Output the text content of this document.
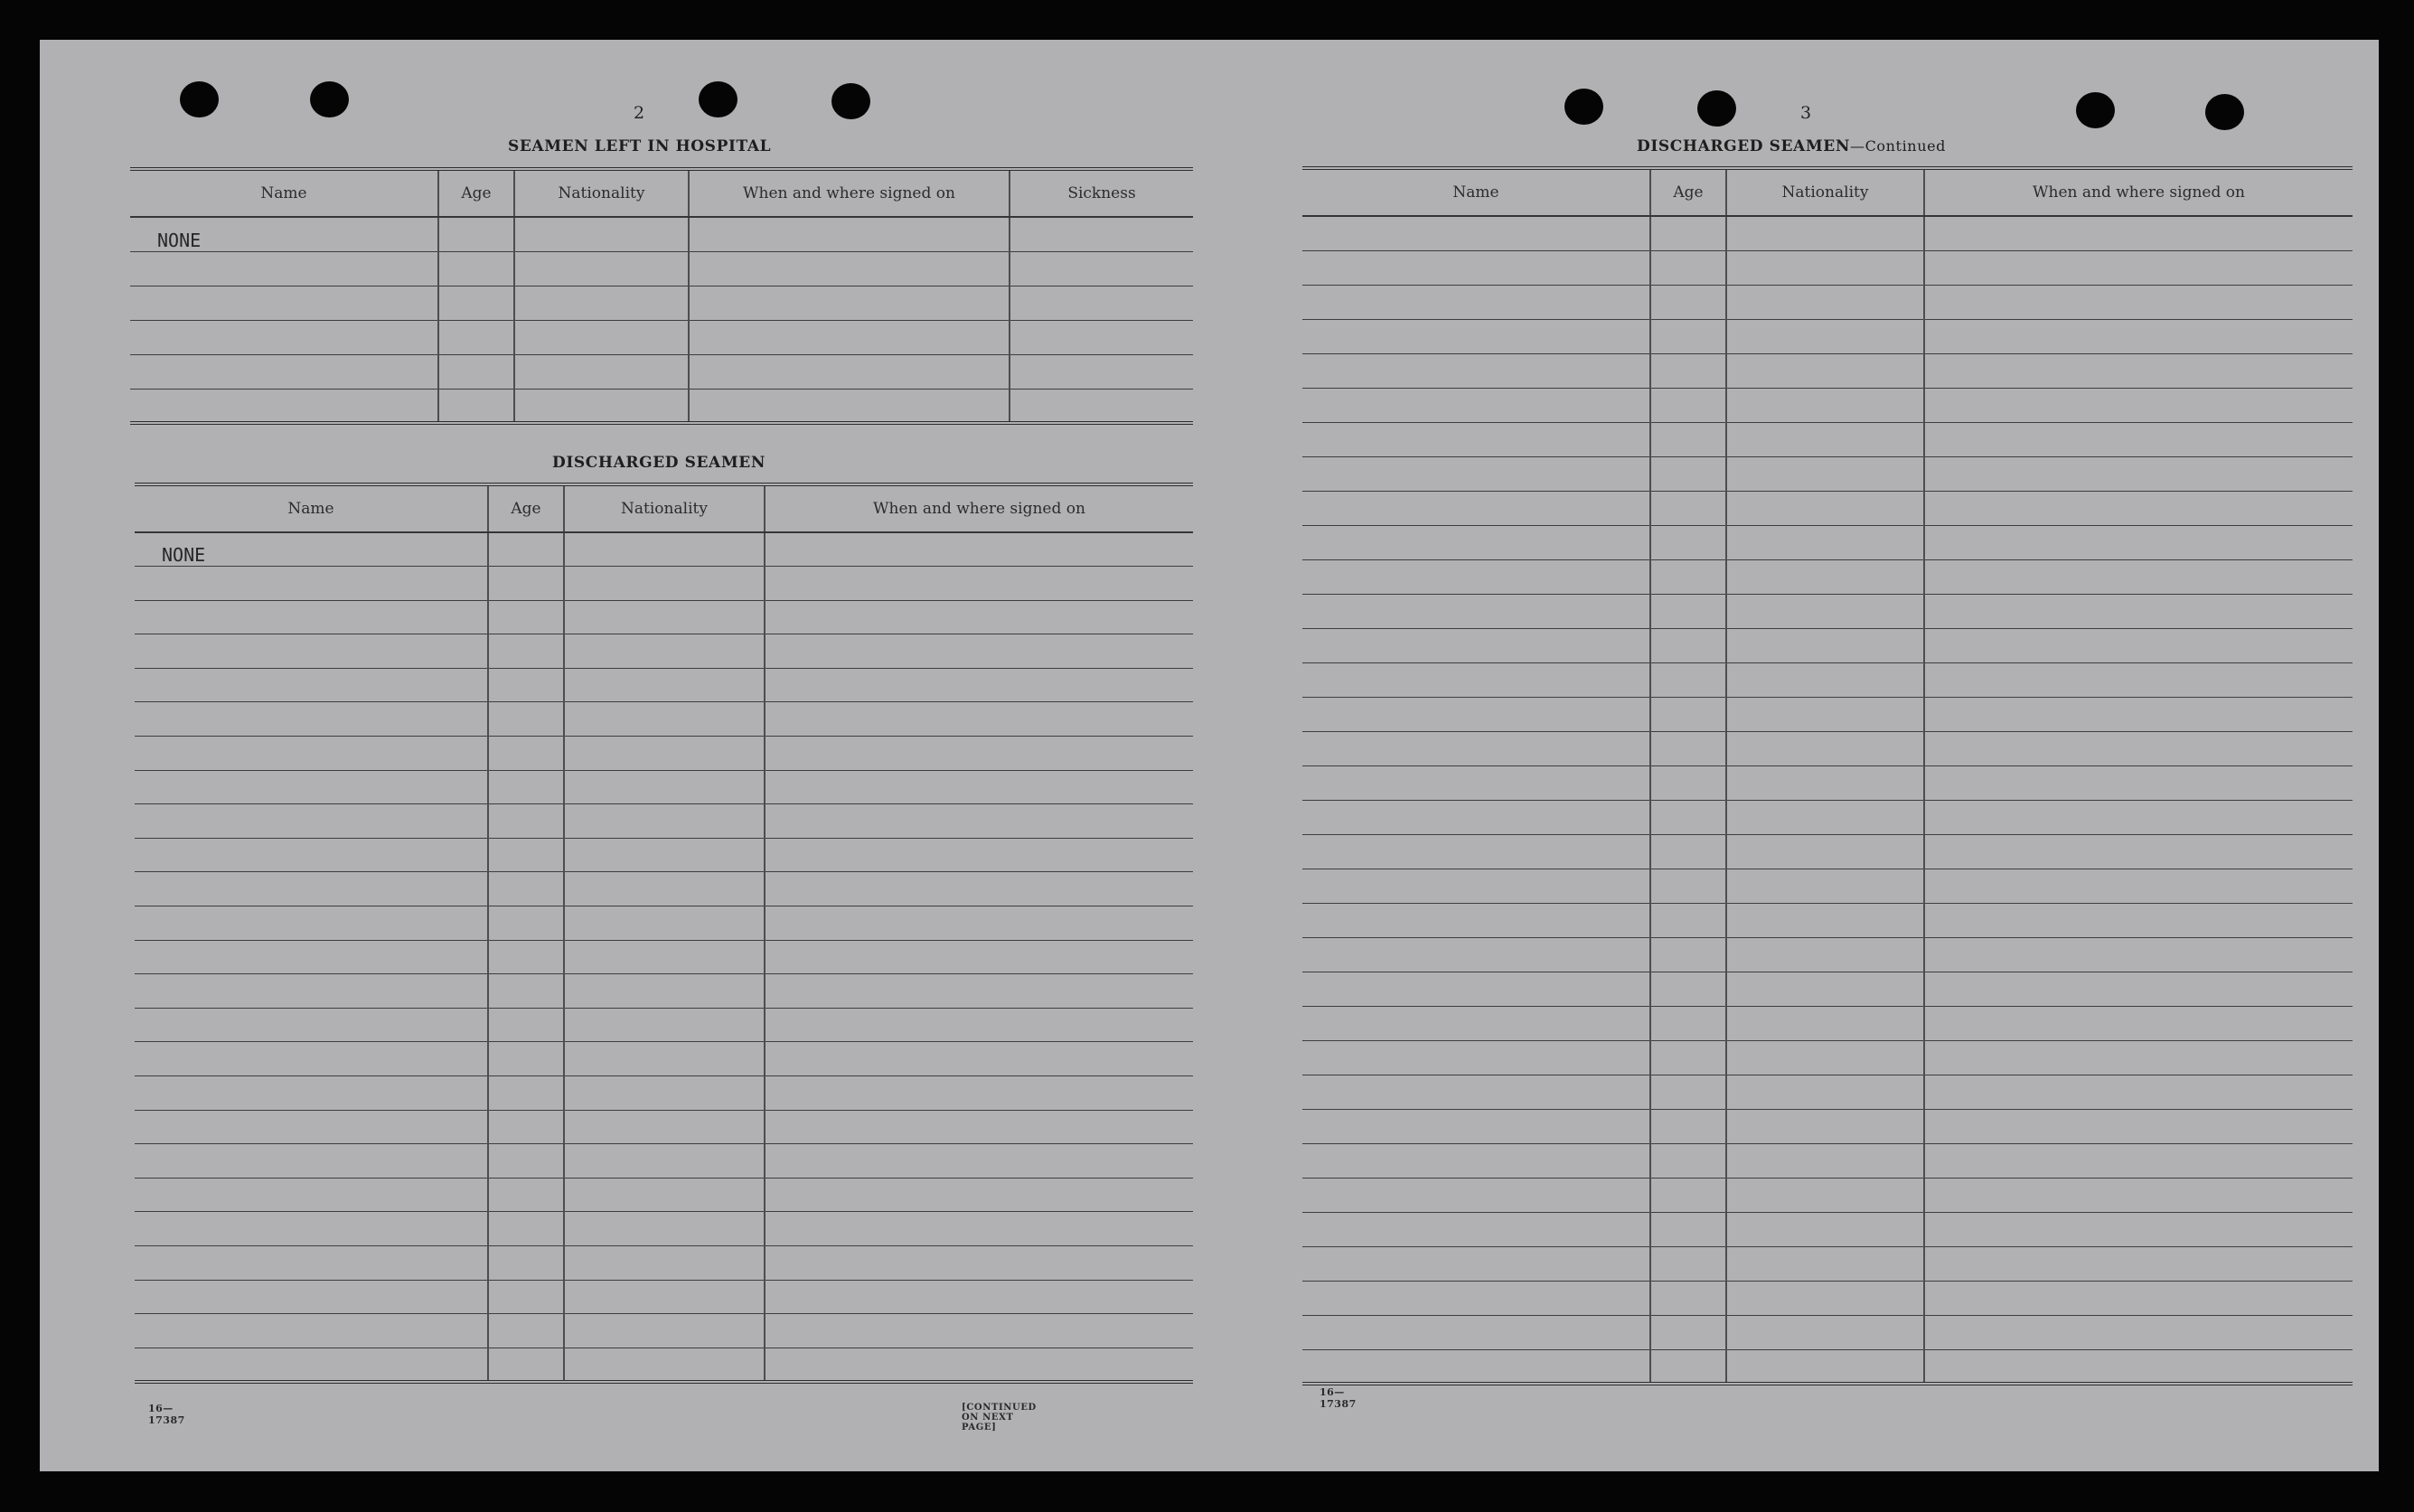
2
SEAMEN LEFT IN HOSPITAL
Name	Age	Nationality	When and where signed on	Sickness
NONE				

DISCHARGED SEAMEN
Name	Age	Nationality	When and where signed on
NONE			

16—17387
[CONTINUED ON NEXT PAGE]
3
DISCHARGED SEAMEN—Continued
Name	Age	Nationality	When and where signed on

16—17387
